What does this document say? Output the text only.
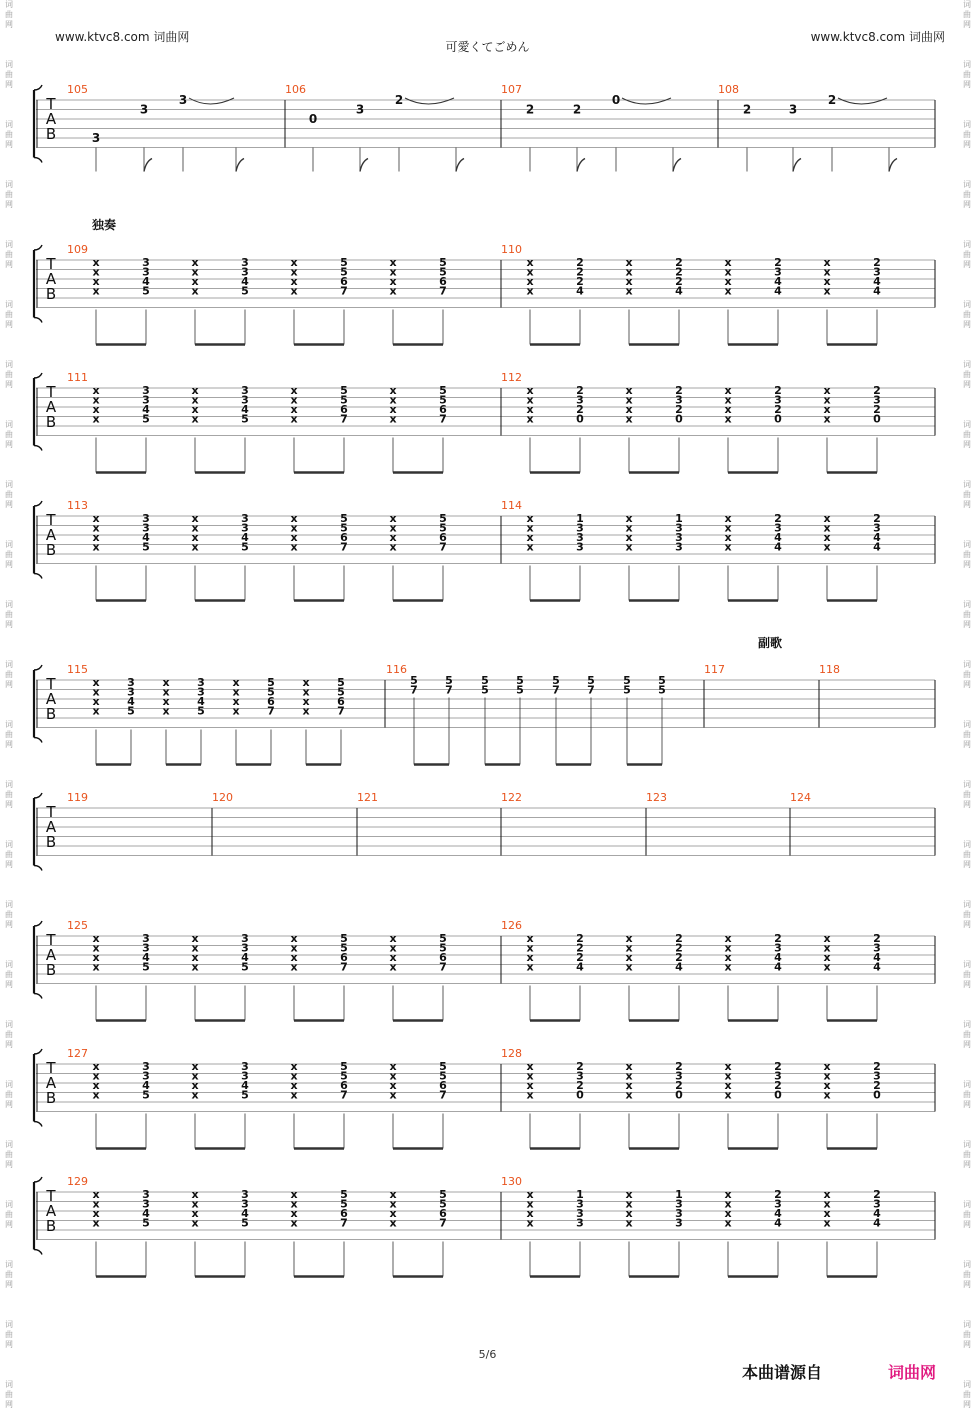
www.ktvc8.com 词曲网	www.ktvc8.com 词曲网
可愛くてごめん
独奏
副歌
词
曲
网
词
曲
网
词
曲
网
词
曲
网
词
曲
网
词
曲
网
词
曲
网
词
曲
网
词
曲
网
词
曲
网
词
曲
网
词
曲
网
词
曲
网
词
曲
网
词
曲
网
词
曲
网
词
曲
网
词
曲
网
词
曲
网
词
曲
网
词
曲
网
词
曲
网
词
曲
网
词
曲
网
词
曲
网
词
曲
网
词
曲
网
词
曲
网
词
曲
网
词
曲
网
词
曲
网
词
曲
网
词
曲
网
词
曲
网
词
曲
网
词
曲
网
词
曲
网
词
曲
网
词
曲
网
词
曲
网
词
曲
网
词
曲
网
词
曲
网
词
曲
网
词
曲
网
词
曲
网
词
曲
网
词
曲
网
T
A
B
105
3
3
3
106
0
3
2
107
2	2
0
108
2	3
2
T
A
B
109
x	3
x	3
x	4
x	5
x	3
x	3
x	4
x	5
x	5
x	5
x	6
x	7
x	5
x	5
x	6
x	7
110
x	2
x	2
x	2
x	4
x	2
x	2
x	2
x	4
x	2
x	3
x	4
x	4
x	2
x	3
x	4
x	4
T
A
B
111
x	3
x	3
x	4
x	5
x	3
x	3
x	4
x	5
x	5
x	5
x	6
x	7
x	5
x	5
x	6
x	7
112
x	2
x	3
x	2
x	0
x	2
x	3
x	2
x	0
x	2
x	3
x	2
x	0
x	2
x	3
x	2
x	0
T
A
B
113
x	3
x	3
x	4
x	5
x	3
x	3
x	4
x	5
x	5
x	5
x	6
x	7
x	5
x	5
x	6
x	7
114
x	1
x	3
x	3
x	3
x	1
x	3
x	3
x	3
x	2
x	3
x	4
x	4
x	2
x	3
x	4
x	4
T
A
B
115
x	3
x	3
x	4
x	5
x	3
x	3
x	4
x	5
x	5
x	5
x	6
x	7
x	5
x	5
x	6
x	7
116
5
7
5
7
5
5
5
5
5
7
5
7
5
5
5
5
117	118
T
A
B
119	120	121	122	123	124
T
A
B
125
x	3
x	3
x	4
x	5
x	3
x	3
x	4
x	5
x	5
x	5
x	6
x	7
x	5
x	5
x	6
x	7
126
x	2
x	2
x	2
x	4
x	2
x	2
x	2
x	4
x	2
x	3
x	4
x	4
x	2
x	3
x	4
x	4
T
A
B
127
x	3
x	3
x	4
x	5
x	3
x	3
x	4
x	5
x	5
x	5
x	6
x	7
x	5
x	5
x	6
x	7
128
x	2
x	3
x	2
x	0
x	2
x	3
x	2
x	0
x	2
x	3
x	2
x	0
x	2
x	3
x	2
x	0
T
A
B
129
x	3
x	3
x	4
x	5
x	3
x	3
x	4
x	5
x	5
x	5
x	6
x	7
x	5
x	5
x	6
x	7
130
x	1
x	3
x	3
x	3
x	1
x	3
x	3
x	3
x	2
x	3
x	4
x	4
x	2
x	3
x	4
x	4
5/6
本曲谱源自	词曲网
